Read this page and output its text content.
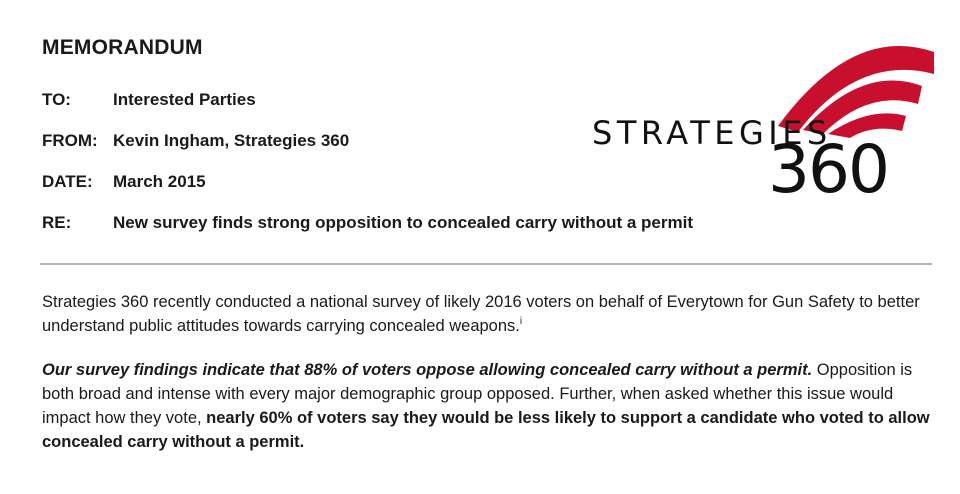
MEMORANDUM
TO: Interested Parties
FROM: Kevin Ingham, Strategies 360
DATE: March 2015
RE: New survey finds strong opposition to concealed carry without a permit
STRATEGIES
360

Strategies 360 recently conducted a national survey of likely 2016 voters on behalf of Everytown for Gun Safety to better understand public attitudes towards carrying concealed weapons.$^i$

Our survey findings indicate that 88% of voters oppose allowing concealed carry without a permit. Opposition is both broad and intense with every major demographic group opposed. Further, when asked whether this issue would impact how they vote, nearly 60% of voters say they would be less likely to support a candidate who voted to allow concealed carry without a permit.
